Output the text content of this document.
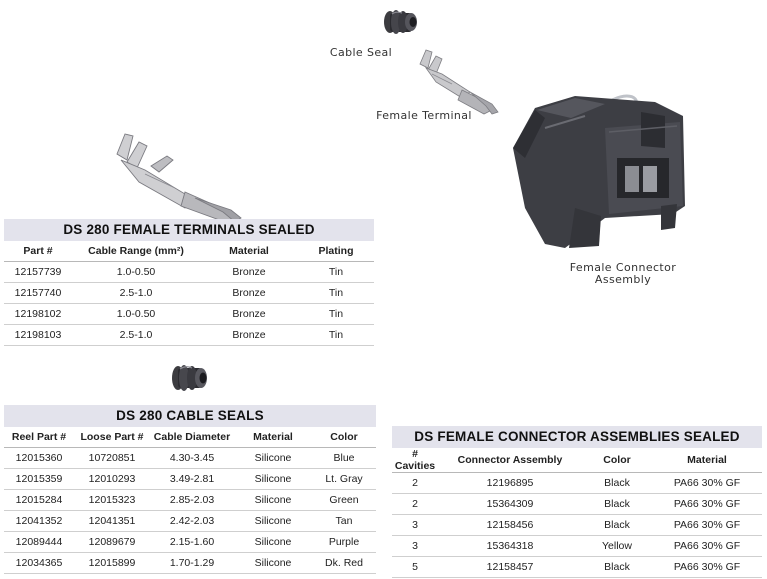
Cable Seal
Female Terminal
Female Connector
Assembly
DS 280 FEMALE TERMINALS SEALED
Part #	Cable Range (mm²)	Material	Plating
12157739	1.0-0.50	Bronze	Tin
12157740	2.5-1.0	Bronze	Tin
12198102	1.0-0.50	Bronze	Tin
12198103	2.5-1.0	Bronze	Tin
DS 280 CABLE SEALS
Reel Part #	Loose Part #	Cable Diameter	Material	Color
12015360	10720851	4.30-3.45	Silicone	Blue
12015359	12010293	3.49-2.81	Silicone	Lt. Gray
12015284	12015323	2.85-2.03	Silicone	Green
12041352	12041351	2.42-2.03	Silicone	Tan
12089444	12089679	2.15-1.60	Silicone	Purple
12034365	12015899	1.70-1.29	Silicone	Dk. Red
DS FEMALE CONNECTOR ASSEMBLIES SEALED
# Cavities	Connector Assembly	Color	Material
2	12196895	Black	PA66 30% GF
2	15364309	Black	PA66 30% GF
3	12158456	Black	PA66 30% GF
3	15364318	Yellow	PA66 30% GF
5	12158457	Black	PA66 30% GF
